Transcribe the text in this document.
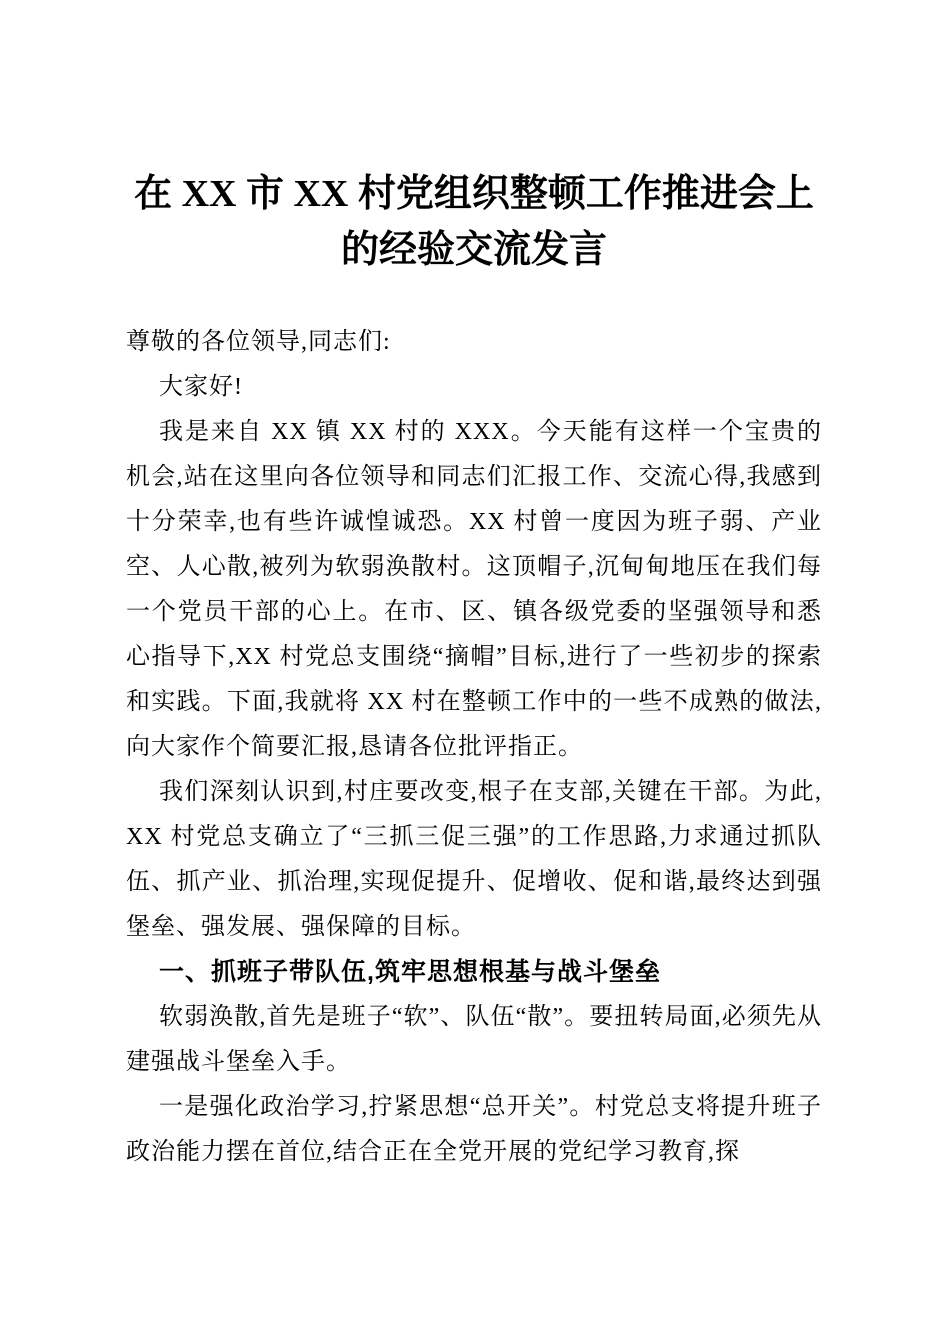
在 XX 市 XX 村党组织整顿工作推进会上
的经验交流发言

尊敬的各位领导,同志们:

大家好!

我是来自 XX 镇 XX 村的 XXX。今天能有这样一个宝贵的机会,站在这里向各位领导和同志们汇报工作、交流心得,我感到十分荣幸,也有些许诚惶诚恐。XX 村曾一度因为班子弱、产业空、人心散,被列为软弱涣散村。这顶帽子,沉甸甸地压在我们每一个党员干部的心上。在市、区、镇各级党委的坚强领导和悉心指导下,XX 村党总支围绕“摘帽”目标,进行了一些初步的探索和实践。下面,我就将 XX 村在整顿工作中的一些不成熟的做法,向大家作个简要汇报,恳请各位批评指正。

我们深刻认识到,村庄要改变,根子在支部,关键在干部。为此,XX 村党总支确立了“三抓三促三强”的工作思路,力求通过抓队伍、抓产业、抓治理,实现促提升、促增收、促和谐,最终达到强堡垒、强发展、强保障的目标。

一、抓班子带队伍,筑牢思想根基与战斗堡垒

软弱涣散,首先是班子“软”、队伍“散”。要扭转局面,必须先从建强战斗堡垒入手。

一是强化政治学习,拧紧思想“总开关”。村党总支将提升班子政治能力摆在首位,结合正在全党开展的党纪学习教育,探
